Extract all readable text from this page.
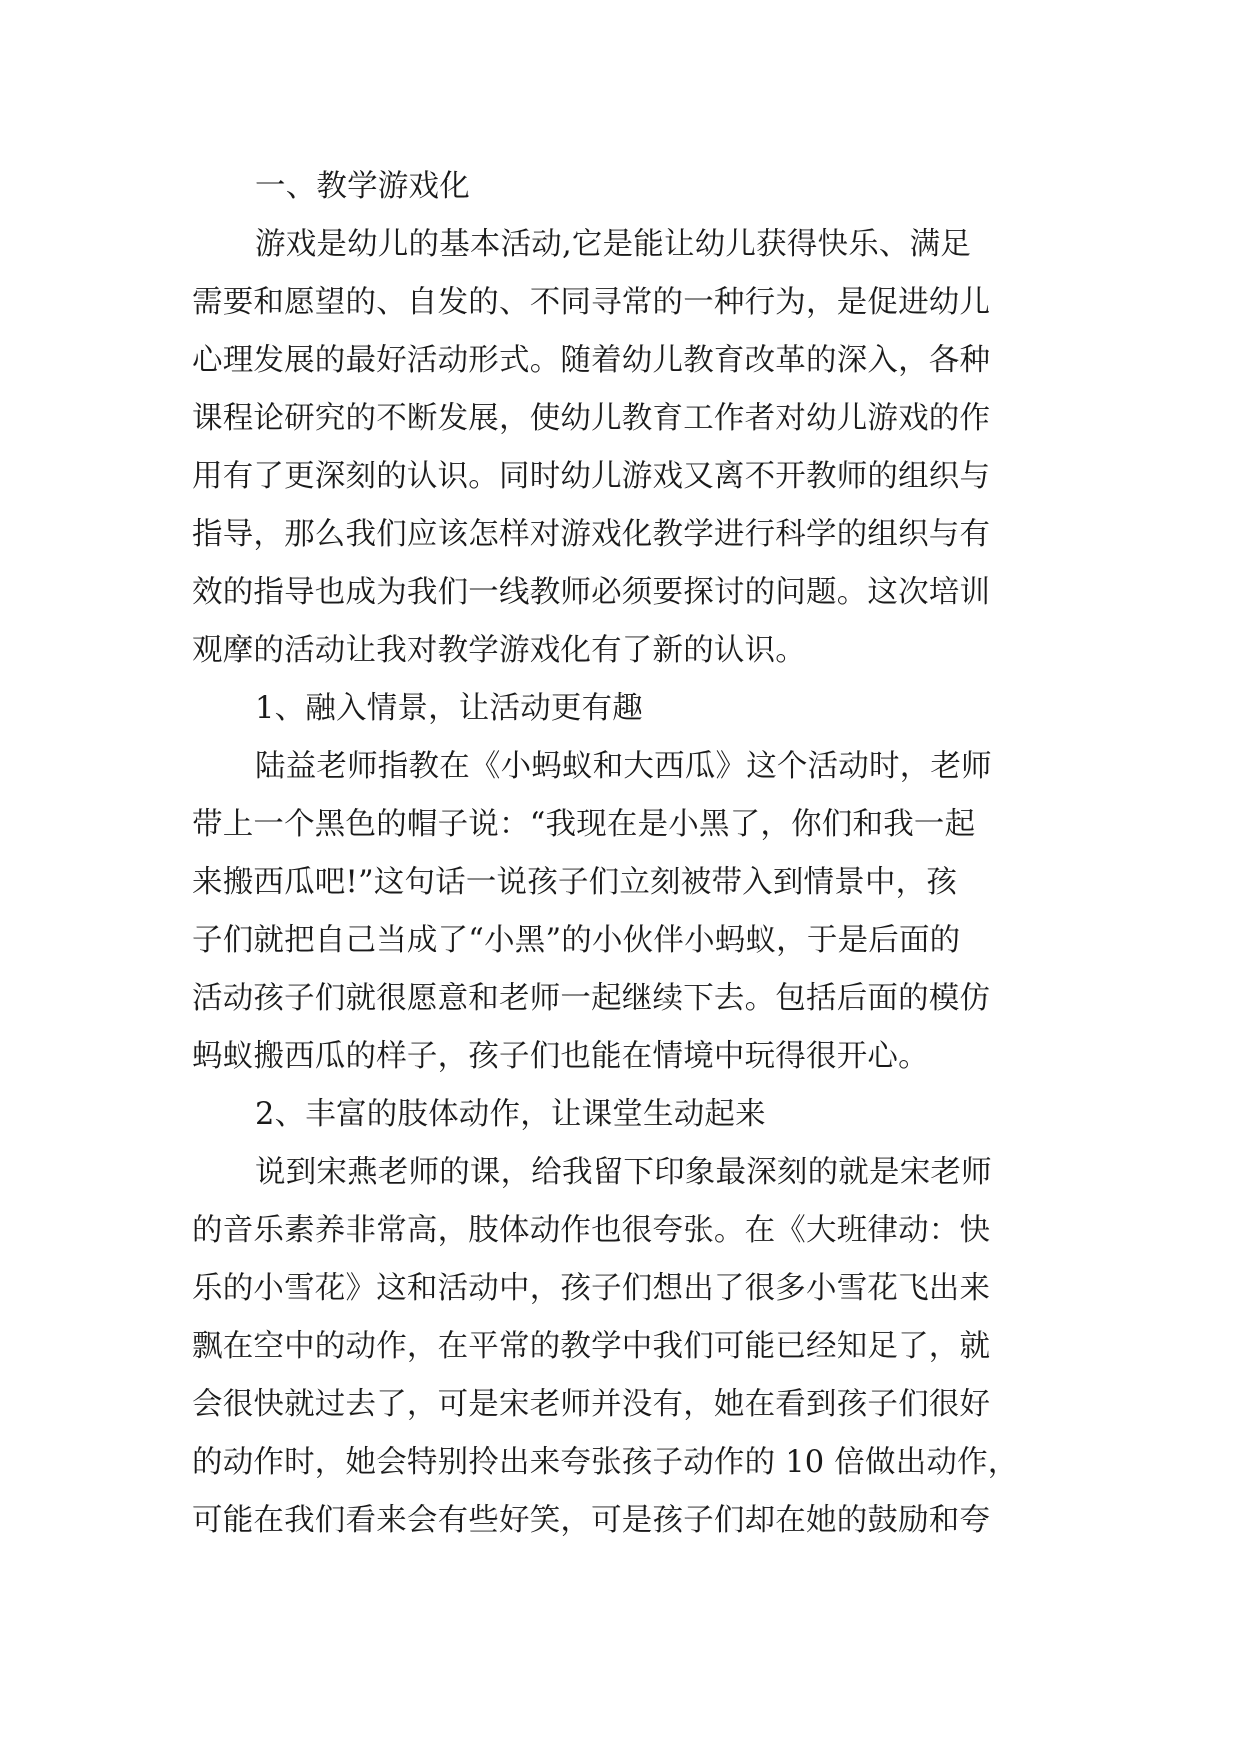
一、教学游戏化
游戏是幼儿的基本活动,它是能让幼儿获得快乐、满足
需要和愿望的、自发的、不同寻常的一种行为，是促进幼儿
心理发展的最好活动形式。随着幼儿教育改革的深入，各种
课程论研究的不断发展，使幼儿教育工作者对幼儿游戏的作
用有了更深刻的认识。同时幼儿游戏又离不开教师的组织与
指导，那么我们应该怎样对游戏化教学进行科学的组织与有
效的指导也成为我们一线教师必须要探讨的问题。这次培训
观摩的活动让我对教学游戏化有了新的认识。
1、融入情景，让活动更有趣
陆益老师指教在《小蚂蚁和大西瓜》这个活动时，老师
带上一个黑色的帽子说：“我现在是小黑了，你们和我一起
来搬西瓜吧!”这句话一说孩子们立刻被带入到情景中，孩
子们就把自己当成了“小黑”的小伙伴小蚂蚁，于是后面的
活动孩子们就很愿意和老师一起继续下去。包括后面的模仿
蚂蚁搬西瓜的样子，孩子们也能在情境中玩得很开心。
2、丰富的肢体动作，让课堂生动起来
说到宋燕老师的课，给我留下印象最深刻的就是宋老师
的音乐素养非常高，肢体动作也很夸张。在《大班律动：快
乐的小雪花》这和活动中，孩子们想出了很多小雪花飞出来
飘在空中的动作，在平常的教学中我们可能已经知足了，就
会很快就过去了，可是宋老师并没有，她在看到孩子们很好
的动作时，她会特别拎出来夸张孩子动作的 10 倍做出动作，
可能在我们看来会有些好笑，可是孩子们却在她的鼓励和夸
